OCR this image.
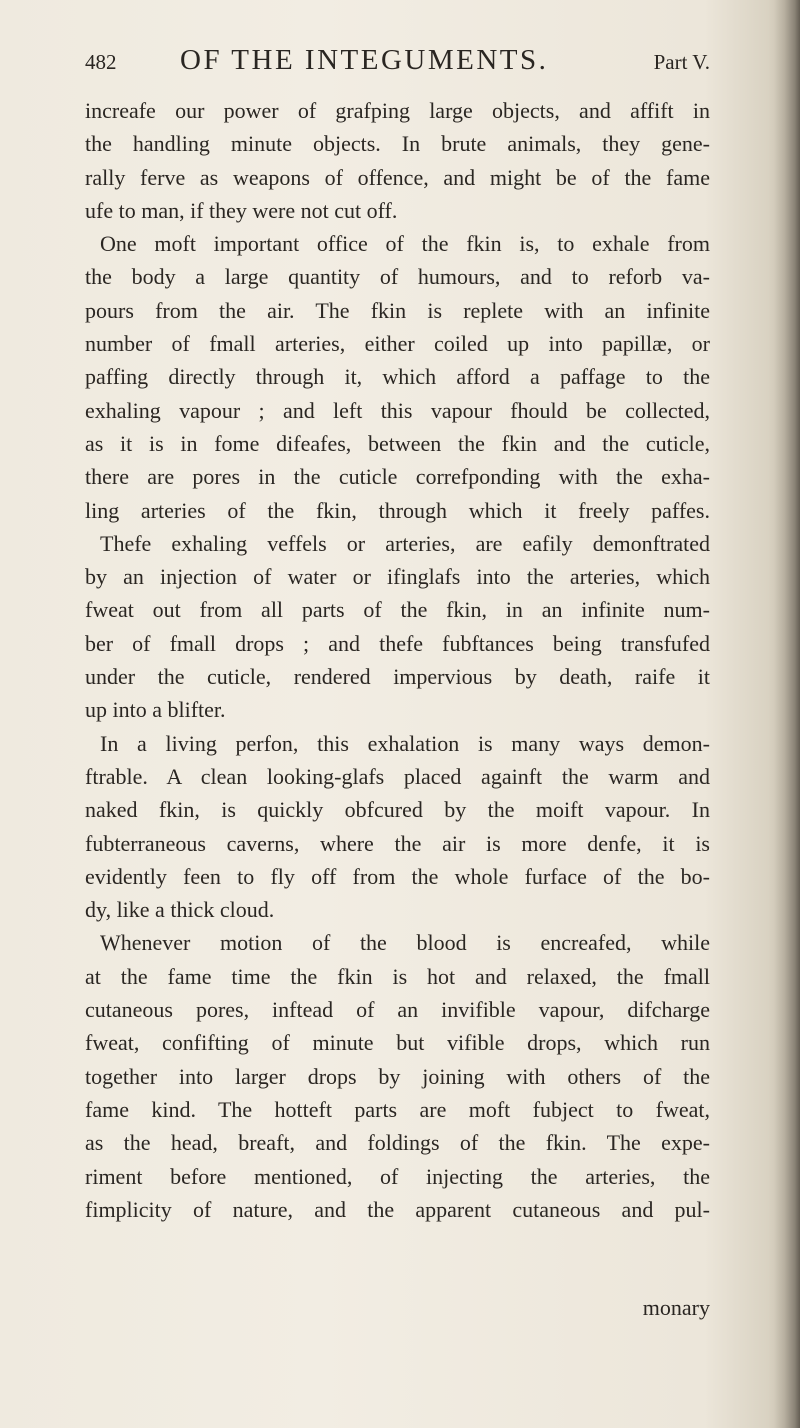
482 OF THE INTEGUMENTS.	Part V.
increafe our power of grafping large objects, and affift in
the handling minute objects. In brute animals, they gene-
rally ferve as weapons of offence, and might be of the fame
ufe to man, if they were not cut off.
One moft important office of the fkin is, to exhale from
the body a large quantity of humours, and to reforb va-
pours from the air. The fkin is replete with an infinite
number of fmall arteries, either coiled up into papillæ, or
paffing directly through it, which afford a paffage to the
exhaling vapour ; and left this vapour fhould be collected,
as it is in fome difeafes, between the fkin and the cuticle,
there are pores in the cuticle correfponding with the exha-
ling arteries of the fkin, through which it freely paffes.
Thefe exhaling veffels or arteries, are eafily demonftrated
by an injection of water or ifinglafs into the arteries, which
fweat out from all parts of the fkin, in an infinite num-
ber of fmall drops ; and thefe fubftances being transfufed
under the cuticle, rendered impervious by death, raife it
up into a blifter.
In a living perfon, this exhalation is many ways demon-
ftrable. A clean looking-glafs placed againft the warm and
naked fkin, is quickly obfcured by the moift vapour. In
fubterraneous caverns, where the air is more denfe, it is
evidently feen to fly off from the whole furface of the bo-
dy, like a thick cloud.
Whenever motion of the blood is encreafed, while
at the fame time the fkin is hot and relaxed, the fmall
cutaneous pores, inftead of an invifible vapour, difcharge
fweat, confifting of minute but vifible drops, which run
together into larger drops by joining with others of the
fame kind. The hotteft parts are moft fubject to fweat,
as the head, breaft, and foldings of the fkin. The expe-
riment before mentioned, of injecting the arteries, the
fimplicity of nature, and the apparent cutaneous and pul-
monary
